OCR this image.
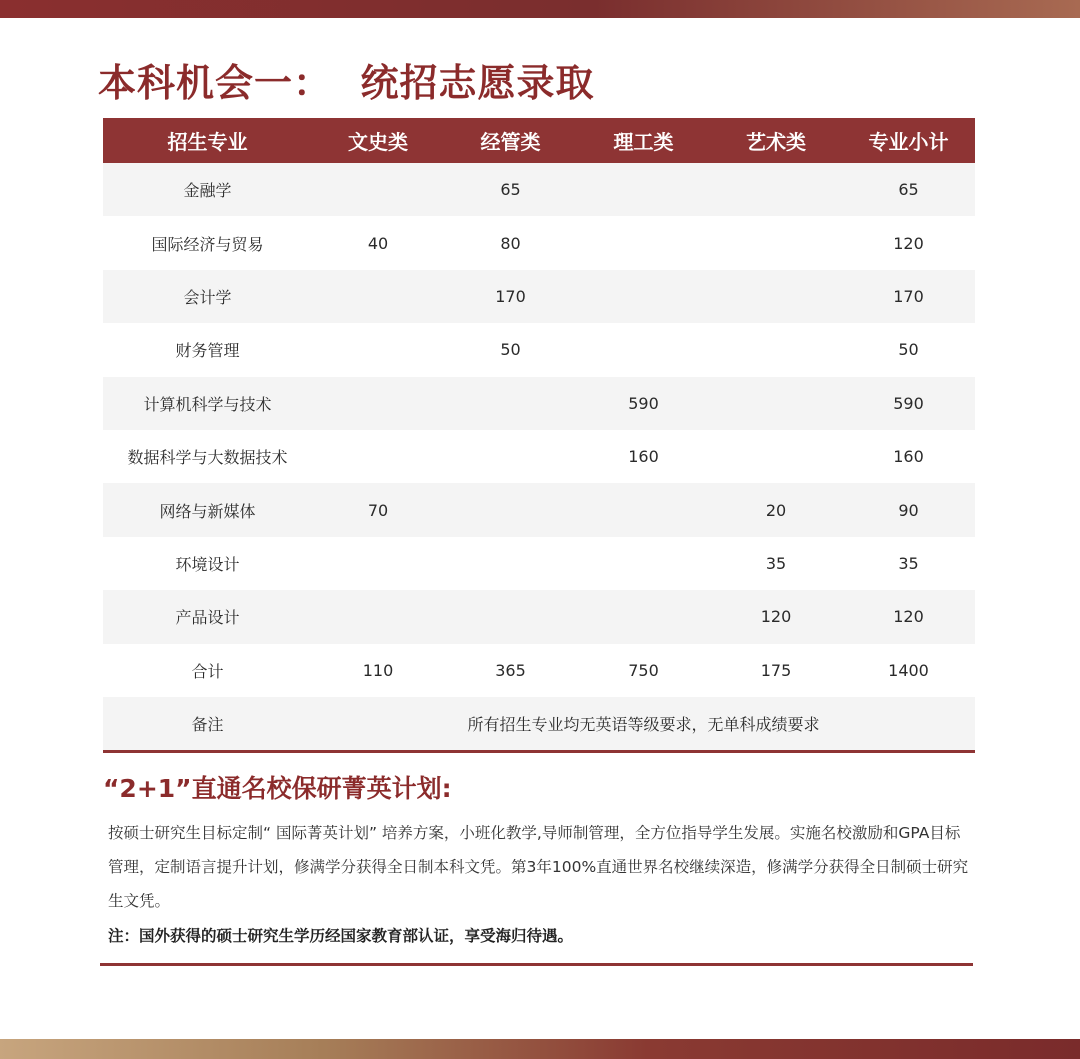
本科机会一：  统招志愿录取
招生专业	文史类	经管类	理工类	艺术类	专业小计
金融学		65			65
国际经济与贸易	40	80			120
会计学		170			170
财务管理		50			50
计算机科学与技术			590		590
数据科学与大数据技术			160		160
网络与新媒体	70			20	90
环境设计				35	35
产品设计				120	120
合计	110	365	750	175	1400
备注	所有招生专业均无英语等级要求，无单科成绩要求				
“2+1”直通名校保研菁英计划:
按硕士研究生目标定制“ 国际菁英计划” 培养方案，小班化教学,导师制管理，全方位指导学生发展。实施名校激励和GPA目标管理，定制语言提升计划，修满学分获得全日制本科文凭。第3年100%直通世界名校继续深造，修满学分获得全日制硕士研究生文凭。
注：国外获得的硕士研究生学历经国家教育部认证，享受海归待遇。
